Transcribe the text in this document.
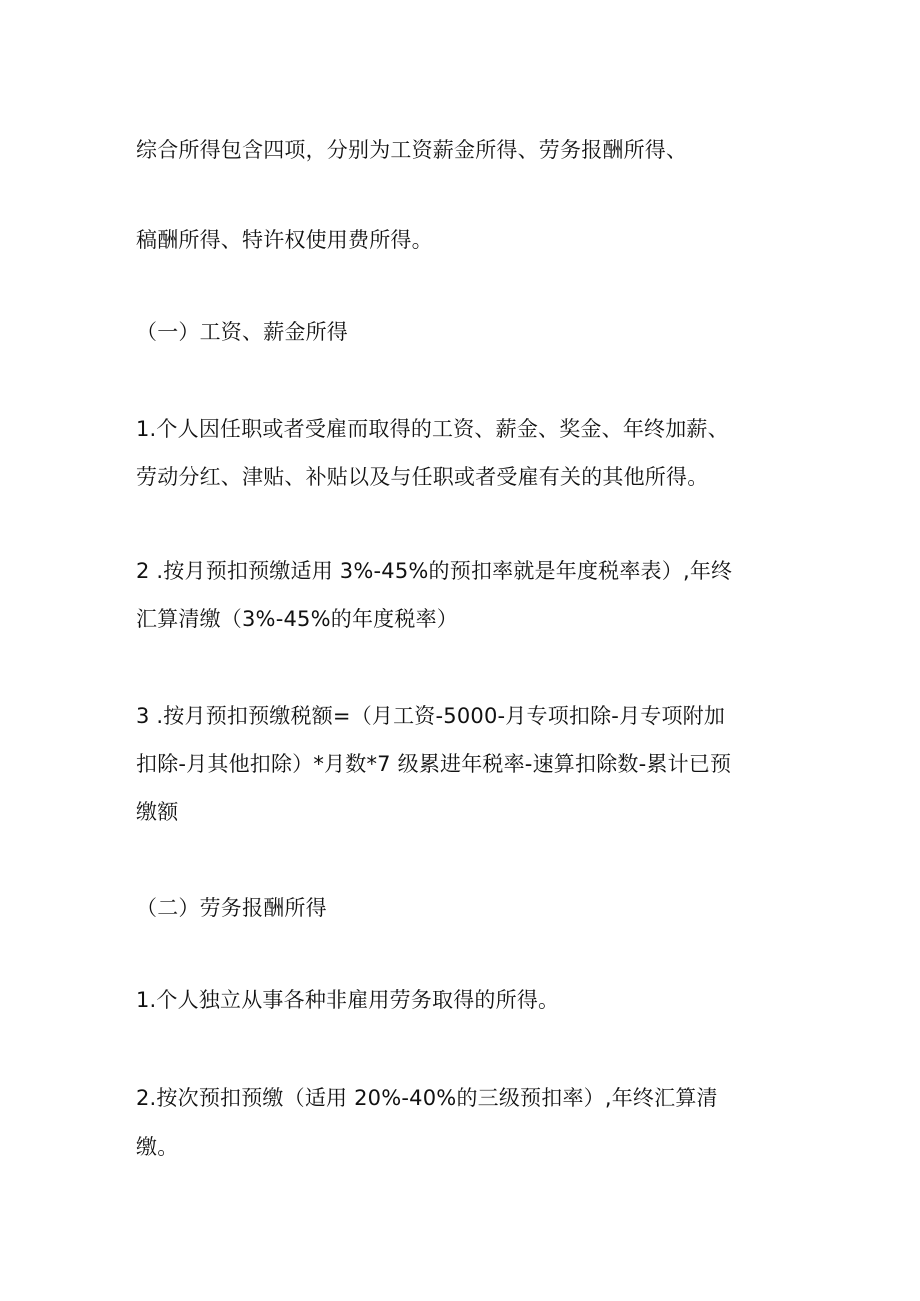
综合所得包含四项，分别为工资薪金所得、劳务报酬所得、
稿酬所得、特许权使用费所得。
（一）工资、薪金所得
1.个人因任职或者受雇而取得的工资、薪金、奖金、年终加薪、
劳动分红、津贴、补贴以及与任职或者受雇有关的其他所得。
2 .按月预扣预缴适用 3%-45%的预扣率就是年度税率表）,年终
汇算清缴（3%-45%的年度税率）
3 .按月预扣预缴税额=（月工资-5000-月专项扣除-月专项附加
扣除-月其他扣除）*月数*7 级累进年税率-速算扣除数-累计已预
缴额
（二）劳务报酬所得
1.个人独立从事各种非雇用劳务取得的所得。
2.按次预扣预缴（适用 20%-40%的三级预扣率）,年终汇算清
缴。
